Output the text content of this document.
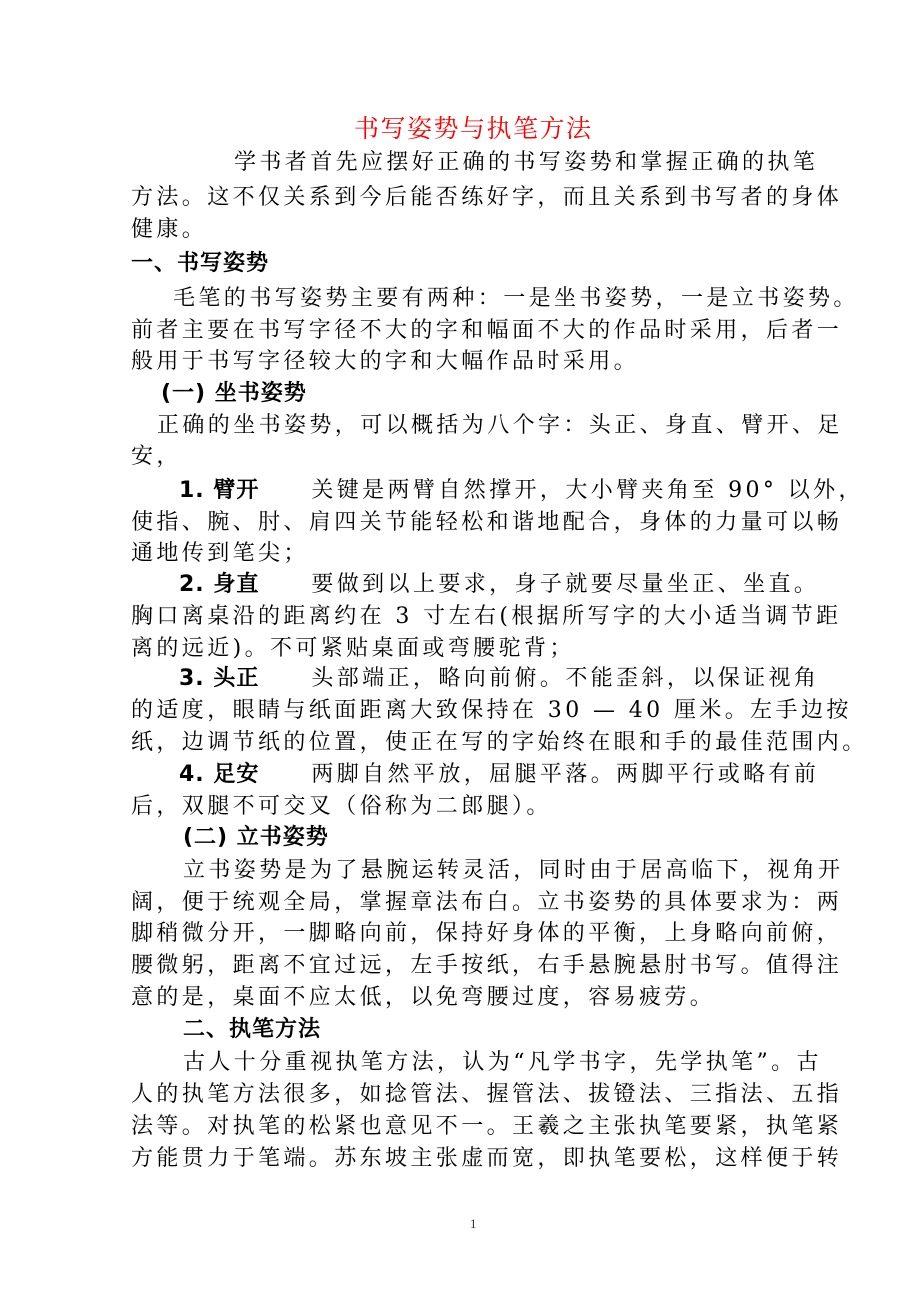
书写姿势与执笔方法
学书者首先应摆好正确的书写姿势和掌握正确的执笔
方法。这不仅关系到今后能否练好字，而且关系到书写者的身体
健康。
一、书写姿势
毛笔的书写姿势主要有两种：一是坐书姿势，一是立书姿势。
前者主要在书写字径不大的字和幅面不大的作品时采用，后者一
般用于书写字径较大的字和大幅作品时采用。
(一) 坐书姿势
正确的坐书姿势，可以概括为八个字：头正、身直、臂开、足
安，
1. 臂开 关键是两臂自然撑开，大小臂夹角至 90° 以外，
使指、腕、肘、肩四关节能轻松和谐地配合，身体的力量可以畅
通地传到笔尖；
2. 身直 要做到以上要求，身子就要尽量坐正、坐直。
胸口离桌沿的距离约在 3 寸左右(根据所写字的大小适当调节距
离的远近)。不可紧贴桌面或弯腰驼背；
3. 头正 头部端正，略向前俯。不能歪斜，以保证视角
的适度，眼睛与纸面距离大致保持在 30 — 40 厘米。左手边按
纸，边调节纸的位置，使正在写的字始终在眼和手的最佳范围内。
4. 足安 两脚自然平放，屈腿平落。两脚平行或略有前
后，双腿不可交叉（俗称为二郎腿）。
(二) 立书姿势
立书姿势是为了悬腕运转灵活，同时由于居高临下，视角开
阔，便于统观全局，掌握章法布白。立书姿势的具体要求为：两
脚稍微分开，一脚略向前，保持好身体的平衡，上身略向前俯，
腰微躬，距离不宜过远，左手按纸，右手悬腕悬肘书写。值得注
意的是，桌面不应太低，以免弯腰过度，容易疲劳。
二、执笔方法
古人十分重视执笔方法，认为“凡学书字，先学执笔”。古
人的执笔方法很多，如捻管法、握管法、拔镫法、三指法、五指
法等。对执笔的松紧也意见不一。王羲之主张执笔要紧，执笔紧
方能贯力于笔端。苏东坡主张虚而宽，即执笔要松，这样便于转
1
